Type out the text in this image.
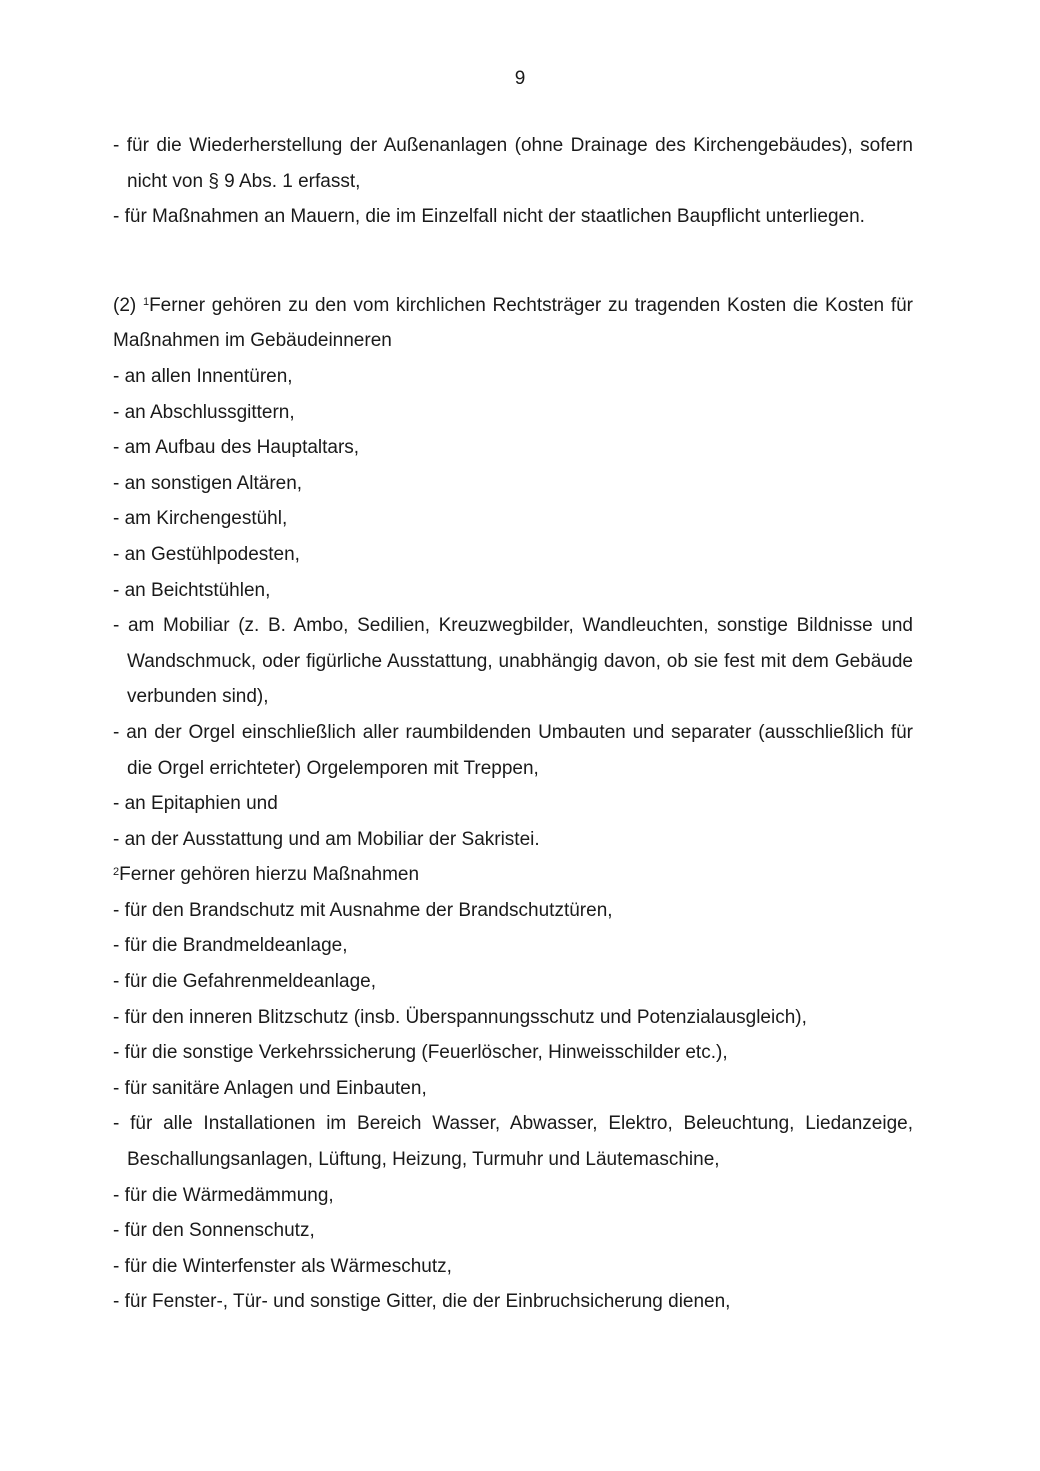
9
- für die Wiederherstellung der Außenanlagen (ohne Drainage des Kirchengebäudes), sofern nicht von § 9 Abs. 1 erfasst,
- für Maßnahmen an Mauern, die im Einzelfall nicht der staatlichen Baupflicht unterliegen.
(2) $^1$Ferner gehören zu den vom kirchlichen Rechtsträger zu tragenden Kosten die Kosten für Maßnahmen im Gebäudeinneren
- an allen Innentüren,
- an Abschlussgittern,
- am Aufbau des Hauptaltars,
- an sonstigen Altären,
- am Kirchengestühl,
- an Gestühlpodesten,
- an Beichtstühlen,
- am Mobiliar (z. B. Ambo, Sedilien, Kreuzwegbilder, Wandleuchten, sonstige Bildnisse und Wandschmuck, oder figürliche Ausstattung, unabhängig davon, ob sie fest mit dem Gebäude verbunden sind),
- an der Orgel einschließlich aller raumbildenden Umbauten und separater (ausschließlich für die Orgel errichteter) Orgelemporen mit Treppen,
- an Epitaphien und
- an der Ausstattung und am Mobiliar der Sakristei.
$^2$Ferner gehören hierzu Maßnahmen
- für den Brandschutz mit Ausnahme der Brandschutztüren,
- für die Brandmeldeanlage,
- für die Gefahrenmeldeanlage,
- für den inneren Blitzschutz (insb. Überspannungsschutz und Potenzialausgleich),
- für die sonstige Verkehrssicherung (Feuerlöscher, Hinweisschilder etc.),
- für sanitäre Anlagen und Einbauten,
- für alle Installationen im Bereich Wasser, Abwasser, Elektro, Beleuchtung, Liedanzeige, Beschallungsanlagen, Lüftung, Heizung, Turmuhr und Läutemaschine,
- für die Wärmedämmung,
- für den Sonnenschutz,
- für die Winterfenster als Wärmeschutz,
- für Fenster-, Tür- und sonstige Gitter, die der Einbruchsicherung dienen,
